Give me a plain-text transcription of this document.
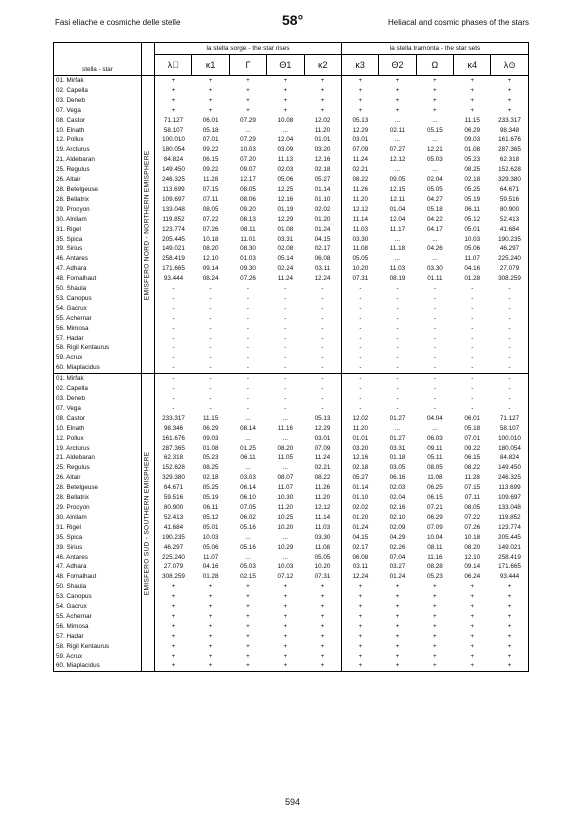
Fasi eliache e cosmiche delle stelle	58°	Heliacal and cosmic phases of the stars
stella - star		la stella sorge - the star rises					la stella tramonta - the star sets				
		λ⃝	κ1	Γ	Θ1	κ2	κ3	Θ2	Ω	κ4	λ⊙
01. Mirfak	EMISFERO NORD - NORTHERN EMISPHERE	+	+	+	+	+	+	+	+	+	+
02. Capella		+	+	+	+	+	+	+	+	+	+
03. Deneb		+	+	+	+	+	+	+	+	+	+
07. Vega		+	+	+	+	+	+	+	+	+	+
08. Castor		71.127	06.01	07.29	10.08	12.02	05.13	...	...	11.15	233.317
10. Elnath		58.107	05.18	...	...	11.20	12.29	02.11	05.15	06.29	98.348
12. Pollux		100.010	07.01	07.29	12.04	01.01	03.01	...	...	09.03	161.676
19. Arcturus		180.054	09.22	10.03	03.09	03.20	07.09	07.27	12.21	01.08	287.365
21. Aldebaran		84.824	06.15	07.20	11.13	12.16	11.24	12.12	05.03	05.23	62.318
25. Regulus		149.450	09.22	09.07	02.03	02.18	02.21	...	...	08.25	152.628
26. Altair		246.325	11.28	12.17	05.06	05.27	08.22	09.05	02.04	02.18	329.380
28. Betelgeuse		113.699	07.15	08.05	12.25	01.14	11.26	12.15	05.05	05.25	64.671
28. Bellatrix		109.697	07.11	08.06	12.16	01.10	11.20	12.11	04.27	05.19	59.516
29. Procyon		133.048	08.05	09.20	01.19	02.02	12.12	01.04	05.18	06.11	80.900
30. Alnilam		119.852	07.22	08.13	12.29	01.20	11.14	12.04	04.22	05.12	52.413
31. Rigel		123.774	07.26	08.11	01.08	01.24	11.03	11.17	04.17	05.01	41.684
35. Spica		205.445	10.18	11.01	03.31	04.15	03.30	...	...	10.03	190.235
39. Sirius		149.021	08.20	08.30	02.08	02.17	11.08	11.18	04.26	05.06	46.297
46. Antares		258.419	12.10	01.03	05.14	06.08	05.05	...	...	11.07	225.240
47. Adhara		171.665	09.14	09.30	02.24	03.11	10.20	11.03	03.30	04.16	27.079
48. Fomalhaut		93.444	08.24	07.26	11.24	12.24	07.31	08.19	01.11	01.28	308.259
50. Shaula		-	-	-	-	-	-	-	-	-	-
53. Canopus		-	-	-	-	-	-	-	-	-	-
54. Gacrux		-	-	-	-	-	-	-	-	-	-
55. Achernar		-	-	-	-	-	-	-	-	-	-
56. Mimosa		-	-	-	-	-	-	-	-	-	-
57. Hadar		-	-	-	-	-	-	-	-	-	-
58. Rigil Kentaurus		-	-	-	-	-	-	-	-	-	-
59. Acrux		-	-	-	-	-	-	-	-	-	-
60. Miaplacidus		-	-	-	-	-	-	-	-	-	-
01. Mirfak	EMISFERO SUD - SOUTHERN EMISPHERE	-	-	-	-	-	-	-	-	-	-
02. Capella		-	-	-	-	-	-	-	-	-	-
03. Deneb		-	-	-	-	-	-	-	-	-	-
07. Vega		-	-	-	-	-	-	-	-	-	-
08. Castor		233.317	11.15	...	...	05.13	12.02	01.27	04.04	06.01	71.127
10. Elnath		98.346	06.29	08.14	11.16	12.29	11.20	...	...	05.18	58.107
12. Pollux		161.676	09.03	...	...	03.01	01.01	01.27	06.03	07.01	100.010
19. Arcturus		287.365	01.08	01.25	08.20	07.09	03.20	03.31	09.11	09.22	180.054
21. Aldebaran		62.318	05.23	06.11	11.05	11.24	12.16	01.18	05.11	06.15	84.824
25. Regulus		152.628	08.25	...	...	02.21	02.18	03.05	08.05	08.22	149.450
26. Altair		329.380	02.18	03.03	08.07	08.22	05.27	06.16	11.08	11.28	246.325
28. Betelgeuse		64.671	05.25	06.14	11.07	11.26	01.14	02.03	06.25	07.15	113.699
28. Bellatrix		59.516	05.19	06.10	10.30	11.20	01.10	02.04	06.15	07.11	109.697
29. Procyon		80.900	06.11	07.05	11.20	12.12	02.02	02.16	07.21	08.05	133.048
30. Alnilam		52.413	05.12	06.02	10.25	11.14	01.20	02.10	06.29	07.22	119.852
31. Rigel		41.684	05.01	05.16	10.20	11.03	01.24	02.09	07.09	07.26	123.774
35. Spica		190.235	10.03	...	...	03.30	04.15	04.29	10.04	10.18	205.445
39. Sirius		46.297	05.06	05.16	10.29	11.08	02.17	02.26	08.11	08.20	149.021
46. Antares		225.240	11.07	...	...	05.05	06.08	07.04	11.16	12.10	258.419
47. Adhara		27.079	04.16	05.03	10.03	10.20	03.11	03.27	08.28	09.14	171.665
48. Fomalhaut		308.259	01.28	02.15	07.12	07.31	12.24	01.24	05.23	06.24	93.444
50. Shaula		+	+	+	+	+	+	+	+	+	+
53. Canopus		+	+	+	+	+	+	+	+	+	+
54. Gacrux		+	+	+	+	+	+	+	+	+	+
55. Achernar		+	+	+	+	+	+	+	+	+	+
56. Mimosa		+	+	+	+	+	+	+	+	+	+
57. Hadar		+	+	+	+	+	+	+	+	+	+
58. Rigil Kentaurus		+	+	+	+	+	+	+	+	+	+
59. Acrux		+	+	+	+	+	+	+	+	+	+
60. Miaplacidus		+	+	+	+	+	+	+	+	+	+
594
